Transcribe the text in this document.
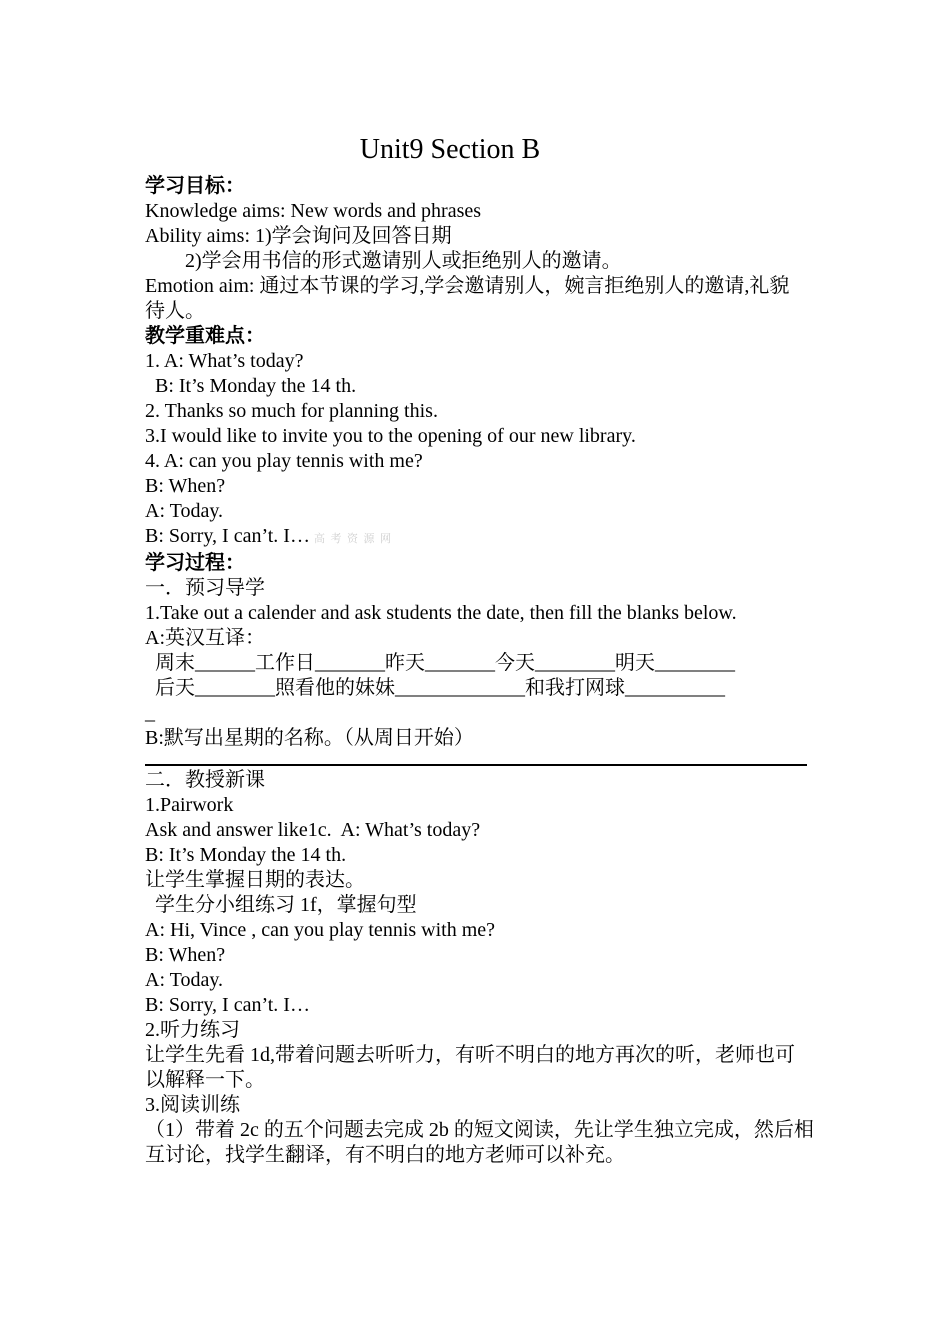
Unit9 Section B
学习目标：
Knowledge aims: New words and phrases
Ability aims: 1)学会询问及回答日期
2)学会用书信的形式邀请别人或拒绝别人的邀请。
Emotion aim: 通过本节课的学习,学会邀请别人，婉言拒绝别人的邀请,礼貌待人。
教学重难点：
1. A: What’s today?
B: It’s Monday the 14 th.
2. Thanks so much for planning this.
3.I would like to invite you to the opening of our new library.
4. A: can you play tennis with me?
B: When?
A: Today.
B: Sorry, I can’t. I… 高 考 资 源 网
学习过程：
一．预习导学
1.Take out a calender and ask students the date, then fill the blanks below.
A:英汉互译：
周末______工作日_______昨天_______今天________明天________
后天________照看他的妹妹_____________和我打网球__________
_
B:默写出星期的名称。（从周日开始）
二．教授新课
1.Pairwork
Ask and answer like1c.  A: What’s today?
B: It’s Monday the 14 th.
让学生掌握日期的表达。
学生分小组练习 1f，掌握句型
A: Hi, Vince , can you play tennis with me?
B: When?
A: Today.
B: Sorry, I can’t. I…
2.听力练习
让学生先看 1d,带着问题去听听力，有听不明白的地方再次的听，老师也可以解释一下。
3.阅读训练
（1）带着 2c 的五个问题去完成 2b 的短文阅读，先让学生独立完成，然后相互讨论，找学生翻译，有不明白的地方老师可以补充。
